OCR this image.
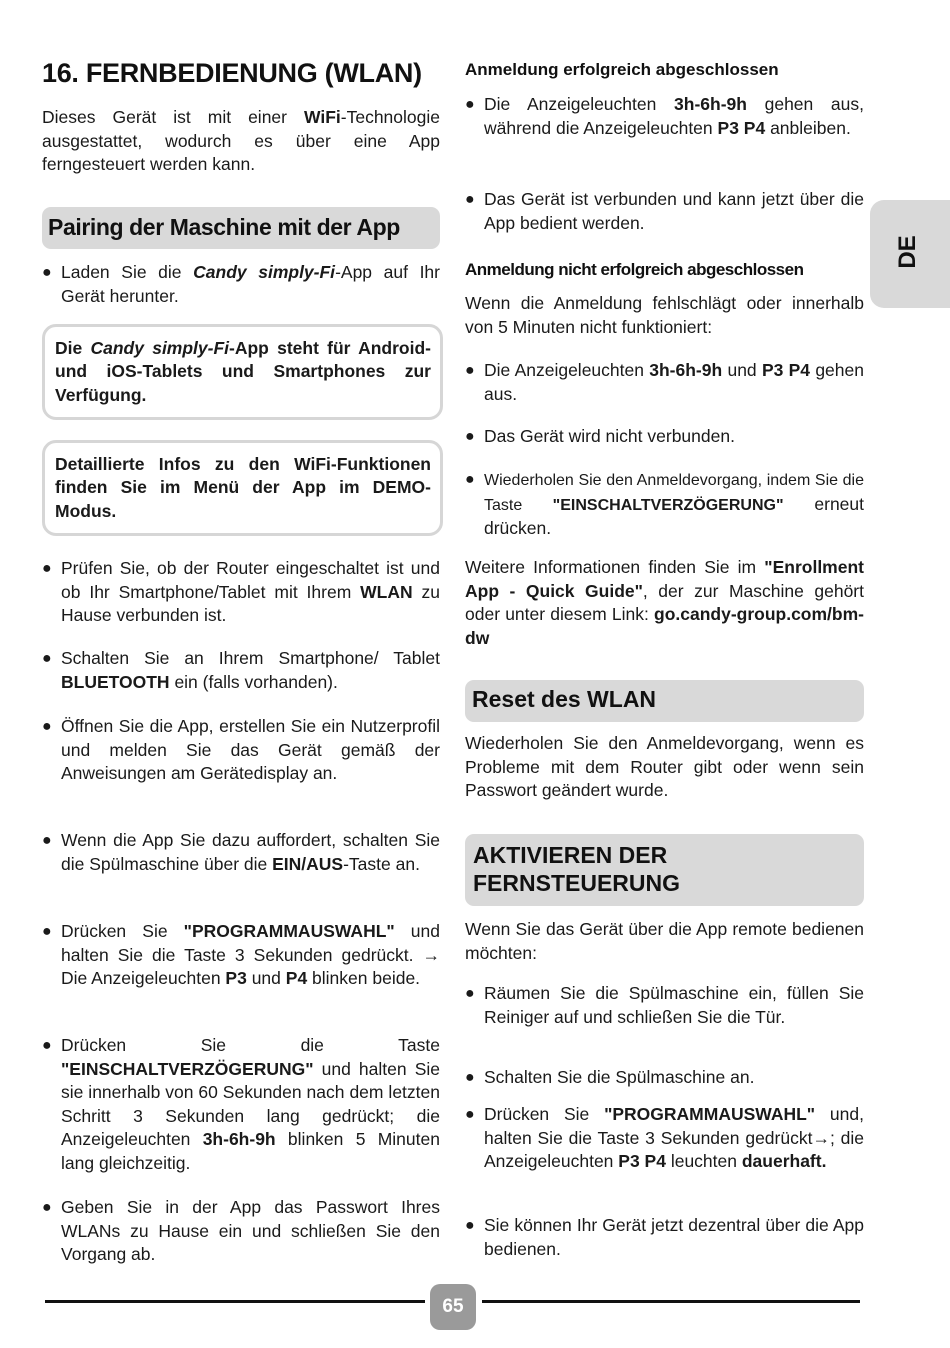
DE
16. FERNBEDIENUNG (WLAN)
Dieses Gerät ist mit einer WiFi-Technologie ausgestattet, wodurch es über eine App ferngesteuert werden kann.
Pairing der Maschine mit der App
● Laden Sie die Candy simply-Fi-App auf Ihr Gerät herunter.
Die Candy simply-Fi-App steht für Android- und iOS-Tablets und Smartphones zur Verfügung.
Detaillierte Infos zu den WiFi-Funktionen finden Sie im Menü der App im DEMO-Modus.
● Prüfen Sie, ob der Router eingeschaltet ist und ob Ihr Smartphone/Tablet mit Ihrem WLAN zu Hause verbunden ist.
● Schalten Sie an Ihrem Smartphone/ Tablet BLUETOOTH ein (falls vorhanden).
● Öffnen Sie die App, erstellen Sie ein Nutzerprofil und melden Sie das Gerät gemäß der Anweisungen am Gerätedisplay an.
● Wenn die App Sie dazu auffordert, schalten Sie die Spülmaschine über die EIN/AUS-Taste an.
● Drücken Sie "PROGRAMMAUSWAHL" und halten Sie die Taste 3 Sekunden gedrückt. → Die Anzeigeleuchten P3 und P4 blinken beide.
● Drücken Sie die Taste "EINSCHALTVERZÖGERUNG" und halten Sie sie innerhalb von 60 Sekunden nach dem letzten Schritt 3 Sekunden lang gedrückt; die Anzeigeleuchten 3h-6h-9h blinken 5 Minuten lang gleichzeitig.
● Geben Sie in der App das Passwort Ihres WLANs zu Hause ein und schließen Sie den Vorgang ab.
Anmeldung erfolgreich abgeschlossen
● Die Anzeigeleuchten 3h-6h-9h gehen aus, während die Anzeigeleuchten P3 P4 anbleiben.
● Das Gerät ist verbunden und kann jetzt über die App bedient werden.
Anmeldung nicht erfolgreich abgeschlossen
Wenn die Anmeldung fehlschlägt oder innerhalb von 5 Minuten nicht funktioniert:
● Die Anzeigeleuchten 3h-6h-9h und P3 P4 gehen aus.
● Das Gerät wird nicht verbunden.
● Wiederholen Sie den Anmeldevorgang, indem Sie die Taste "EINSCHALTVERZÖGERUNG" erneut drücken.
Weitere Informationen finden Sie im "Enrollment App - Quick Guide", der zur Maschine gehört oder unter diesem Link: go.candy-group.com/bm-dw
Reset des WLAN
Wiederholen Sie den Anmeldevorgang, wenn es Probleme mit dem Router gibt oder wenn sein Passwort geändert wurde.
AKTIVIEREN DER
FERNSTEUERUNG
Wenn Sie das Gerät über die App remote bedienen möchten:
● Räumen Sie die Spülmaschine ein, füllen Sie Reiniger auf und schließen Sie die Tür.
● Schalten Sie die Spülmaschine an.
● Drücken Sie "PROGRAMMAUSWAHL" und, halten Sie die Taste 3 Sekunden gedrückt→; die Anzeigeleuchten P3 P4 leuchten dauerhaft.
● Sie können Ihr Gerät jetzt dezentral über die App bedienen.
65
